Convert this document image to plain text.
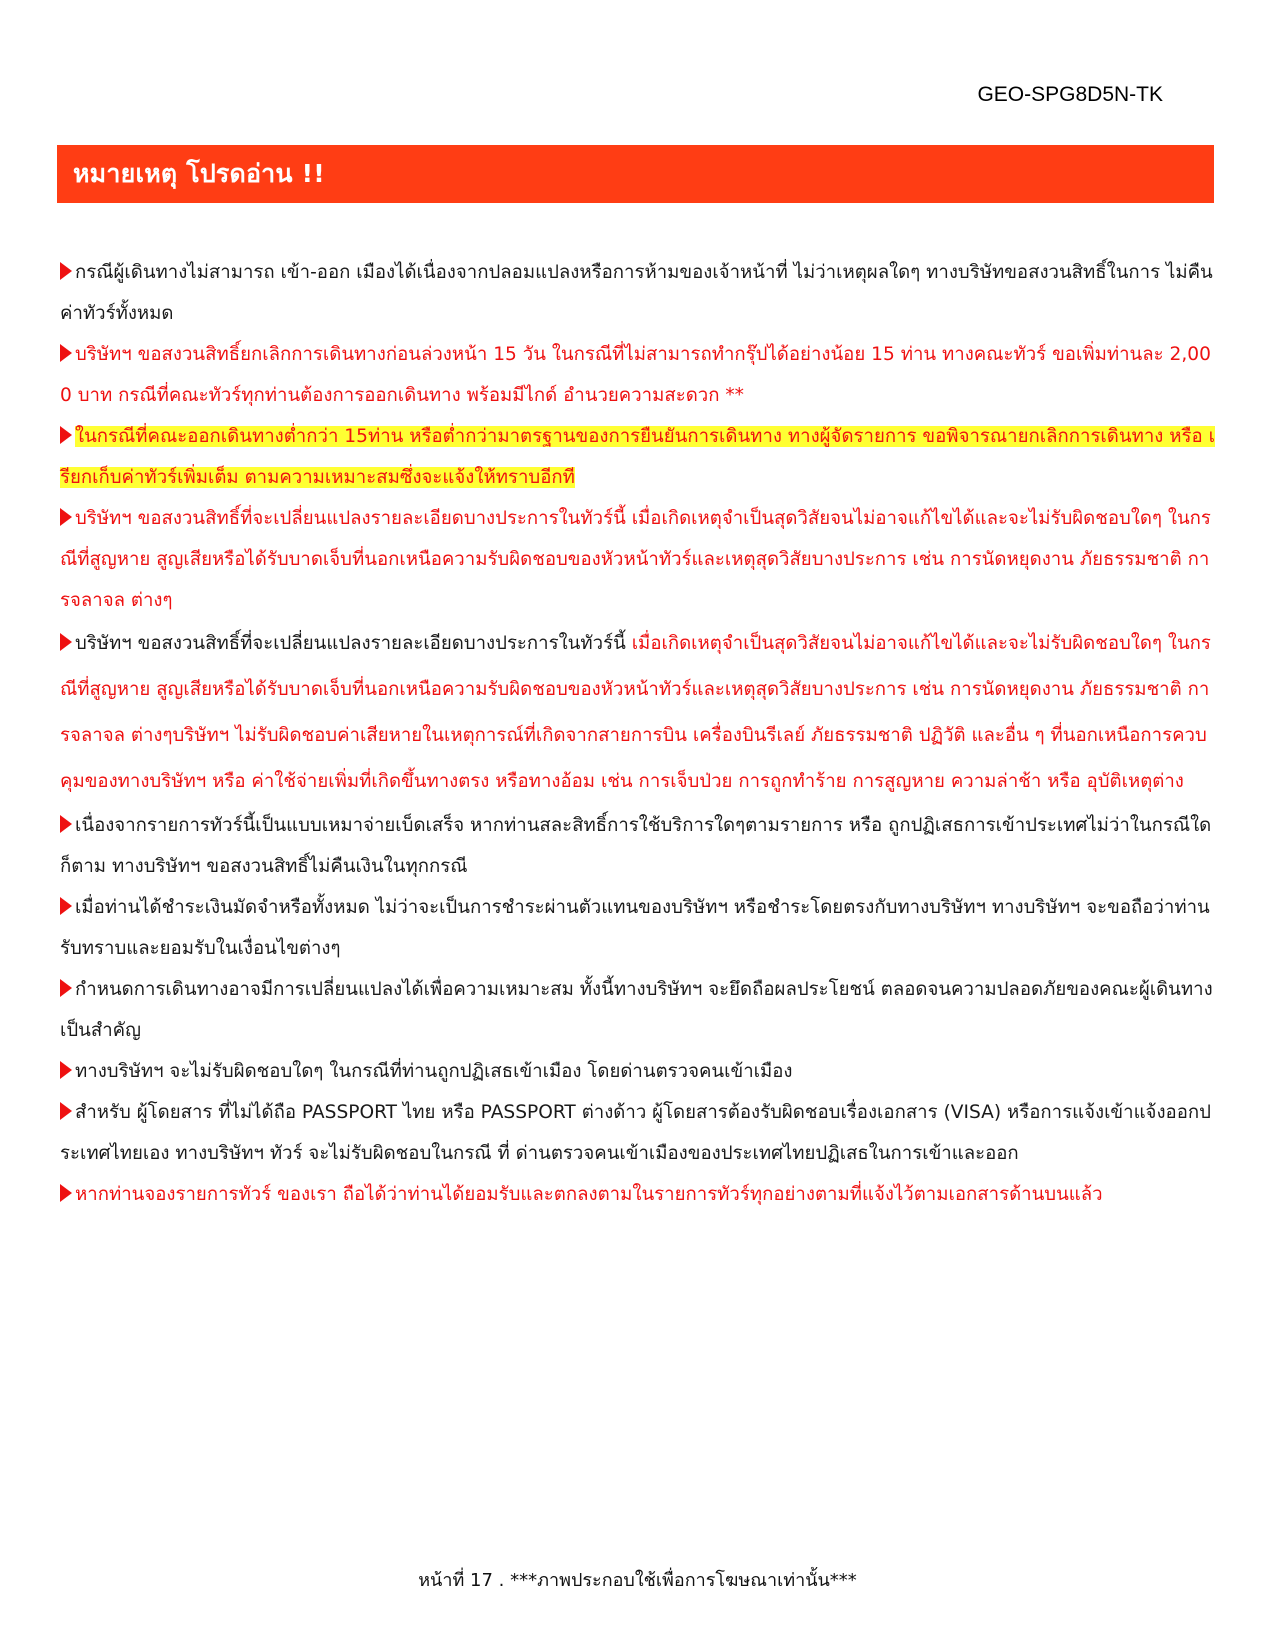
GEO-SPG8D5N-TK
หมายเหตุ โปรดอ่าน !!

กรณีผู้เดินทางไม่สามารถ เข้า-ออก เมืองได้เนื่องจากปลอมแปลงหรือการห้ามของเจ้าหน้าที่ ไม่ว่าเหตุผลใดๆ ทางบริษัทขอสงวนสิทธิ์ในการ ไม่คืนค่าทัวร์ทั้งหมด

บริษัทฯ ขอสงวนสิทธิ์ยกเลิกการเดินทางก่อนล่วงหน้า 15 วัน ในกรณีที่ไม่สามารถทำกรุ๊ปได้อย่างน้อย 15 ท่าน ทางคณะทัวร์ ขอเพิ่มท่านละ 2,000 บาท กรณีที่คณะทัวร์ทุกท่านต้องการออกเดินทาง พร้อมมีไกด์ อำนวยความสะดวก **

ในกรณีที่คณะออกเดินทางต่ำกว่า 15ท่าน หรือต่ำกว่ามาตรฐานของการยืนยันการเดินทาง ทางผู้จัดรายการ ขอพิจารณายกเลิกการเดินทาง หรือ เรียกเก็บค่าทัวร์เพิ่มเต็ม ตามความเหมาะสมซึ่งจะแจ้งให้ทราบอีกที

บริษัทฯ ขอสงวนสิทธิ์ที่จะเปลี่ยนแปลงรายละเอียดบางประการในทัวร์นี้ เมื่อเกิดเหตุจำเป็นสุดวิสัยจนไม่อาจแก้ไขได้และจะไม่รับผิดชอบใดๆ ในกรณีที่สูญหาย สูญเสียหรือได้รับบาดเจ็บที่นอกเหนือความรับผิดชอบของหัวหน้าทัวร์และเหตุสุดวิสัยบางประการ เช่น การนัดหยุดงาน ภัยธรรมชาติ การจลาจล ต่างๆ

บริษัทฯ ขอสงวนสิทธิ์ที่จะเปลี่ยนแปลงรายละเอียดบางประการในทัวร์นี้ เมื่อเกิดเหตุจำเป็นสุดวิสัยจนไม่อาจแก้ไขได้และจะไม่รับผิดชอบใดๆ ในกรณีที่สูญหาย สูญเสียหรือได้รับบาดเจ็บที่นอกเหนือความรับผิดชอบของหัวหน้าทัวร์และเหตุสุดวิสัยบางประการ เช่น การนัดหยุดงาน ภัยธรรมชาติ การจลาจล ต่างๆบริษัทฯ ไม่รับผิดชอบค่าเสียหายในเหตุการณ์ที่เกิดจากสายการบิน เครื่องบินรีเลย์ ภัยธรรมชาติ ปฏิวัติ และอื่น ๆ ที่นอกเหนือการควบคุมของทางบริษัทฯ หรือ ค่าใช้จ่ายเพิ่มที่เกิดขึ้นทางตรง หรือทางอ้อม เช่น การเจ็บป่วย การถูกทำร้าย การสูญหาย ความล่าช้า หรือ อุบัติเหตุต่าง

เนื่องจากรายการทัวร์นี้เป็นแบบเหมาจ่ายเบ็ดเสร็จ หากท่านสละสิทธิ์การใช้บริการใดๆตามรายการ หรือ ถูกปฏิเสธการเข้าประเทศไม่ว่าในกรณีใดก็ตาม ทางบริษัทฯ ขอสงวนสิทธิ์ไม่คืนเงินในทุกกรณี

เมื่อท่านได้ชำระเงินมัดจำหรือทั้งหมด ไม่ว่าจะเป็นการชำระผ่านตัวแทนของบริษัทฯ หรือชำระโดยตรงกับทางบริษัทฯ ทางบริษัทฯ จะขอถือว่าท่านรับทราบและยอมรับในเงื่อนไขต่างๆ

กำหนดการเดินทางอาจมีการเปลี่ยนแปลงได้เพื่อความเหมาะสม ทั้งนี้ทางบริษัทฯ จะยึดถือผลประโยชน์ ตลอดจนความปลอดภัยของคณะผู้เดินทางเป็นสำคัญ

ทางบริษัทฯ จะไม่รับผิดชอบใดๆ ในกรณีที่ท่านถูกปฏิเสธเข้าเมือง โดยด่านตรวจคนเข้าเมือง

สำหรับ ผู้โดยสาร ที่ไม่ได้ถือ PASSPORT ไทย หรือ PASSPORT ต่างด้าว ผู้โดยสารต้องรับผิดชอบเรื่องเอกสาร (VISA) หรือการแจ้งเข้าแจ้งออกประเทศไทยเอง ทางบริษัทฯ ทัวร์ จะไม่รับผิดชอบในกรณี ที่ ด่านตรวจคนเข้าเมืองของประเทศไทยปฏิเสธในการเข้าและออก

หากท่านจองรายการทัวร์ ของเรา ถือได้ว่าท่านได้ยอมรับและตกลงตามในรายการทัวร์ทุกอย่างตามที่แจ้งไว้ตามเอกสารด้านบนแล้ว

หน้าที่ 17 . ***ภาพประกอบใช้เพื่อการโฆษณาเท่านั้น***
